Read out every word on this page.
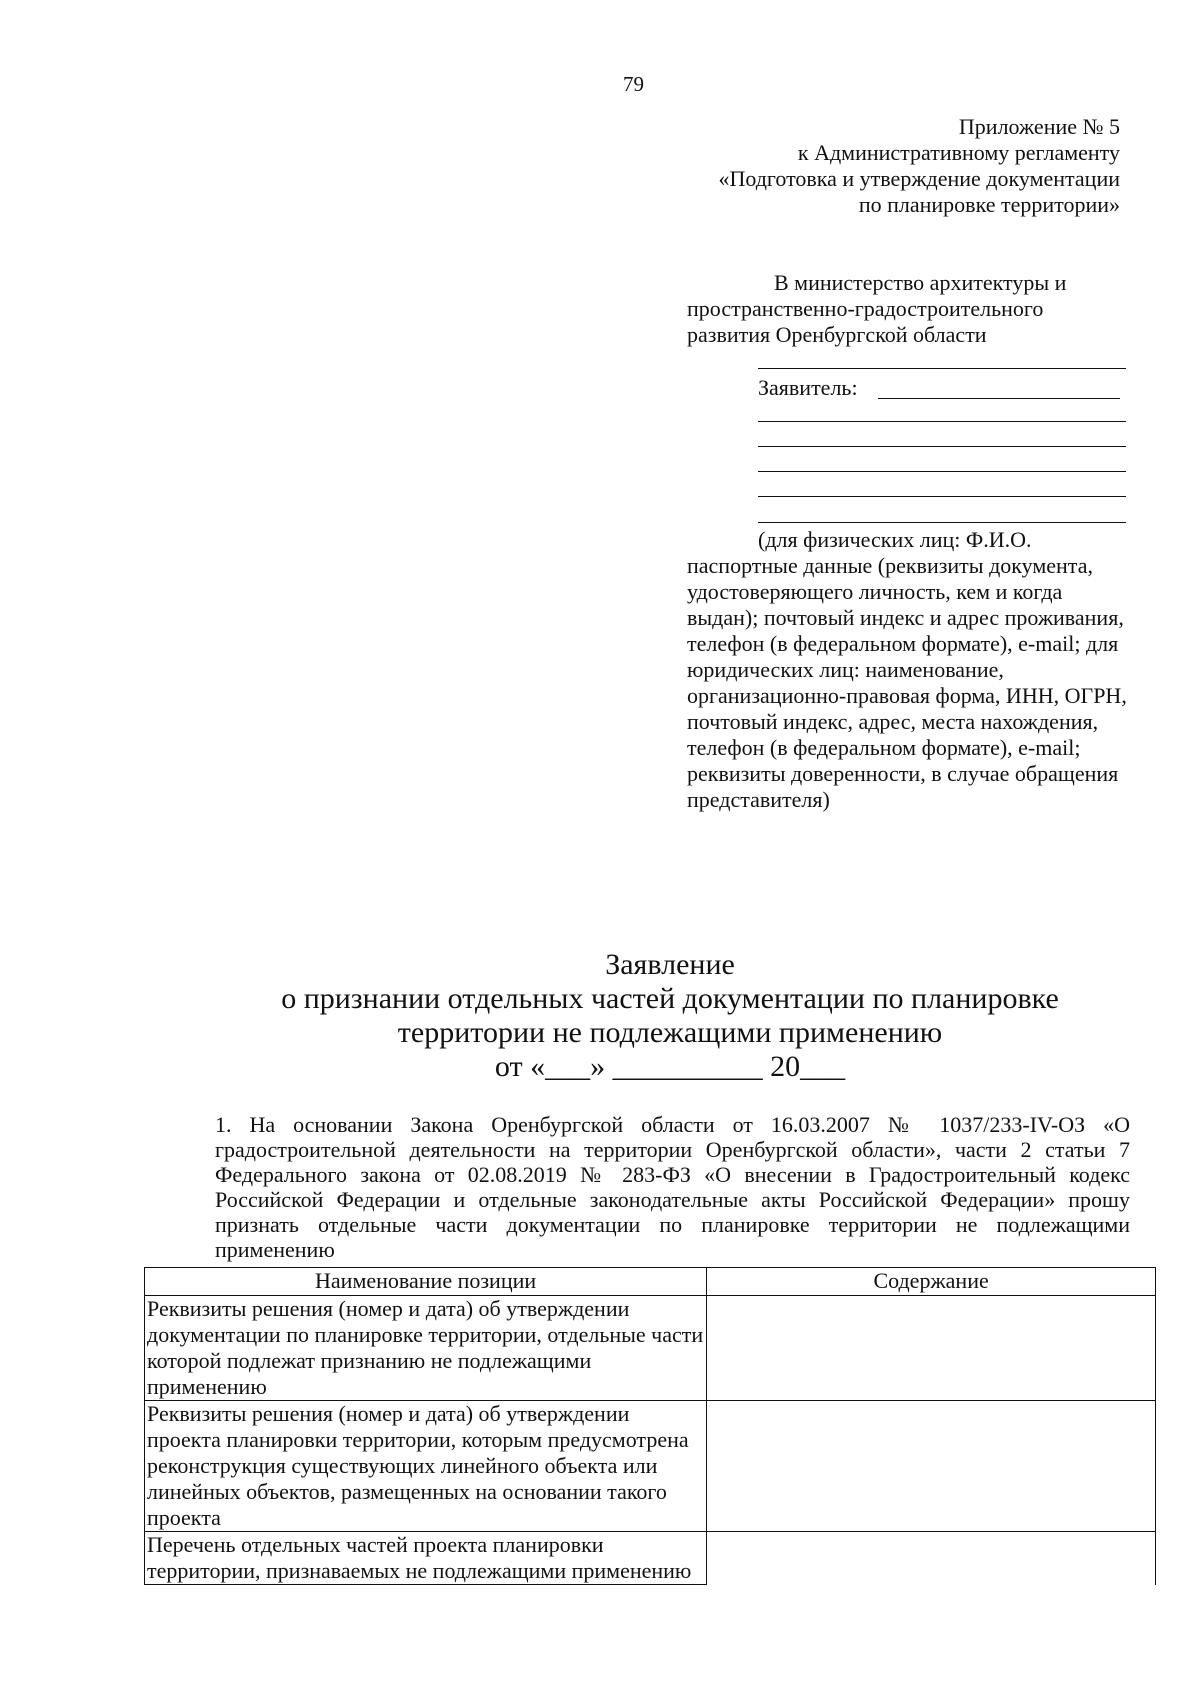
79
Приложение № 5
к Административному регламенту
«Подготовка и утверждение документации
по планировке территории»
В министерство архитектуры и
пространственно-градостроительного
развития Оренбургской области
Заявитель:
(для физических лиц: Ф.И.О.
паспортные данные (реквизиты документа, удостоверяющего личность, кем и когда выдан); почтовый индекс и адрес проживания, телефон (в федеральном формате), e-mail; для юридических лиц: наименование, организационно-правовая форма, ИНН, ОГРН, почтовый индекс, адрес, места нахождения, телефон (в федеральном формате), e-mail; реквизиты доверенности, в случае обращения представителя)
Заявление
о признании отдельных частей документации по планировке
территории не подлежащими применению
от «___» __________ 20___
1. На основании Закона Оренбургской области от 16.03.2007 № 1037/233-IV-ОЗ «О градостроительной деятельности на территории Оренбургской области», части 2 статьи 7 Федерального закона от 02.08.2019 № 283-ФЗ «О внесении в Градостроительный кодекс Российской Федерации и отдельные законодательные акты Российской Федерации» прошу признать отдельные части документации по планировке территории не подлежащими применению
Наименование позиции	Содержание
Реквизиты решения (номер и дата) об утверждении документации по планировке территории, отдельные части которой подлежат признанию не подлежащими применению	
Реквизиты решения (номер и дата) об утверждении проекта планировки территории, которым предусмотрена реконструкция существующих линейного объекта или линейных объектов, размещенных на основании такого проекта	
Перечень отдельных частей проекта планировки территории, признаваемых не подлежащими применению	
